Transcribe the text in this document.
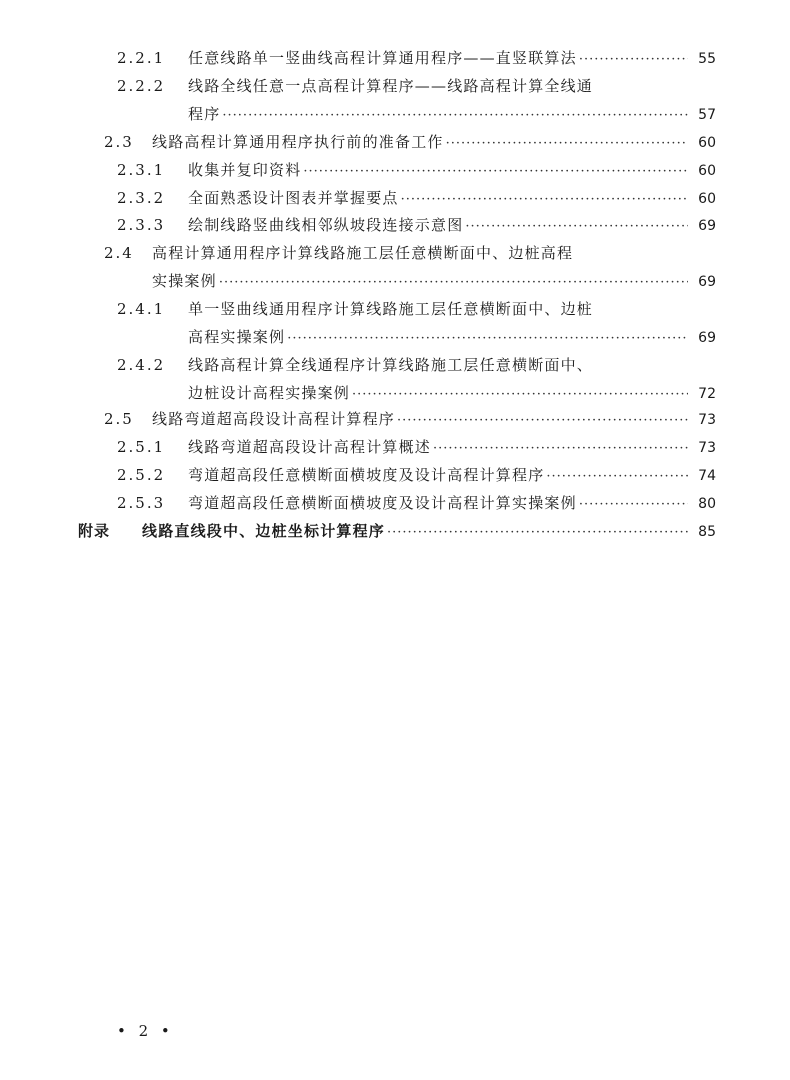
2.2.1 任意线路单一竖曲线高程计算通用程序——直竖联算法 ·····	55
2.2.2 线路全线任意一点高程计算程序——线路高程计算全线通
程序 ·····	57
2.3 线路高程计算通用程序执行前的准备工作 ·····	60
2.3.1 收集并复印资料 ·····	60
2.3.2 全面熟悉设计图表并掌握要点 ·····	60
2.3.3 绘制线路竖曲线相邻纵坡段连接示意图 ·····	69
2.4 高程计算通用程序计算线路施工层任意横断面中、边桩高程
实操案例 ·····	69
2.4.1 单一竖曲线通用程序计算线路施工层任意横断面中、边桩
高程实操案例 ·····	69
2.4.2 线路高程计算全线通程序计算线路施工层任意横断面中、
边桩设计高程实操案例 ·····	72
2.5 线路弯道超高段设计高程计算程序 ·····	73
2.5.1 线路弯道超高段设计高程计算概述 ·····	73
2.5.2 弯道超高段任意横断面横坡度及设计高程计算程序 ·····	74
2.5.3 弯道超高段任意横断面横坡度及设计高程计算实操案例 ·····	80
附录 线路直线段中、边桩坐标计算程序 ·····	85
• 2 •
